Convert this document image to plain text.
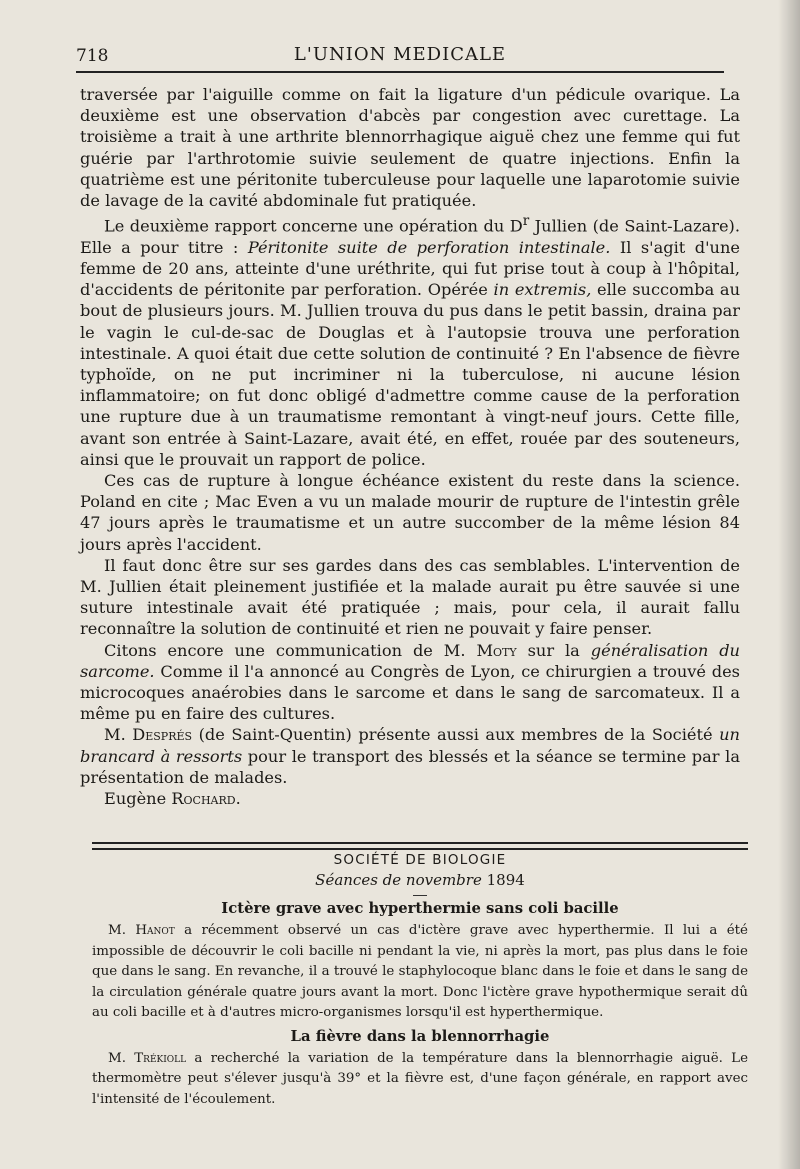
718	L'UNION MEDICALE

traversée par l'aiguille comme on fait la ligature d'un pédicule ovarique. La deuxième est une observation d'abcès par congestion avec curettage. La troisième a trait à une arthrite blennorrhagique aiguë chez une femme qui fut guérie par l'arthrotomie suivie seulement de quatre injections. Enfin la quatrième est une péritonite tuberculeuse pour laquelle une laparotomie suivie de lavage de la cavité abdominale fut pratiquée.

Le deuxième rapport concerne une opération du $D^r$ Jullien (de Saint-Lazare). Elle a pour titre : Péritonite suite de perforation intestinale. Il s'agit d'une femme de 20 ans, atteinte d'une uréthrite, qui fut prise tout à coup à l'hôpital, d'accidents de péritonite par perforation. Opérée in extremis, elle succomba au bout de plusieurs jours. M. Jullien trouva du pus dans le petit bassin, draina par le vagin le cul-de-sac de Douglas et à l'autopsie trouva une perforation intestinale. A quoi était due cette solution de continuité ? En l'absence de fièvre typhoïde, on ne put incriminer ni la tuberculose, ni aucune lésion inflammatoire; on fut donc obligé d'admettre comme cause de la perforation une rupture due à un traumatisme remontant à vingt-neuf jours. Cette fille, avant son entrée à Saint-Lazare, avait été, en effet, rouée par des souteneurs, ainsi que le prouvait un rapport de police.

Ces cas de rupture à longue échéance existent du reste dans la science. Poland en cite ; Mac Even a vu un malade mourir de rupture de l'intestin grêle 47 jours après le traumatisme et un autre succomber de la même lésion 84 jours après l'accident.

Il faut donc être sur ses gardes dans des cas semblables. L'intervention de M. Jullien était pleinement justifiée et la malade aurait pu être sauvée si une suture intestinale avait été pratiquée ; mais, pour cela, il aurait fallu reconnaître la solution de continuité et rien ne pouvait y faire penser.

Citons encore une communication de M. Moty sur la généralisation du sarcome. Comme il l'a annoncé au Congrès de Lyon, ce chirurgien a trouvé des microcoques anaérobies dans le sarcome et dans le sang de sarcomateux. Il a même pu en faire des cultures.

M. Després (de Saint-Quentin) présente aussi aux membres de la Société un brancard à ressorts pour le transport des blessés et la séance se termine par la présentation de malades.

Eugène Rochard.

SOCIÉTÉ DE BIOLOGIE

Séances de novembre 1894

Ictère grave avec hyperthermie sans coli bacille

M. Hanot a récemment observé un cas d'ictère grave avec hyperthermie. Il lui a été impossible de découvrir le coli bacille ni pendant la vie, ni après la mort, pas plus dans le foie que dans le sang. En revanche, il a trouvé le staphylocoque blanc dans le foie et dans le sang de la circulation générale quatre jours avant la mort. Donc l'ictère grave hypothermique serait dû au coli bacille et à d'autres micro-organismes lorsqu'il est hyperthermique.

La fièvre dans la blennorrhagie

M. Trékioll a recherché la variation de la température dans la blennorrhagie aiguë. Le thermomètre peut s'élever jusqu'à 39° et la fièvre est, d'une façon générale, en rapport avec l'intensité de l'écoulement.
